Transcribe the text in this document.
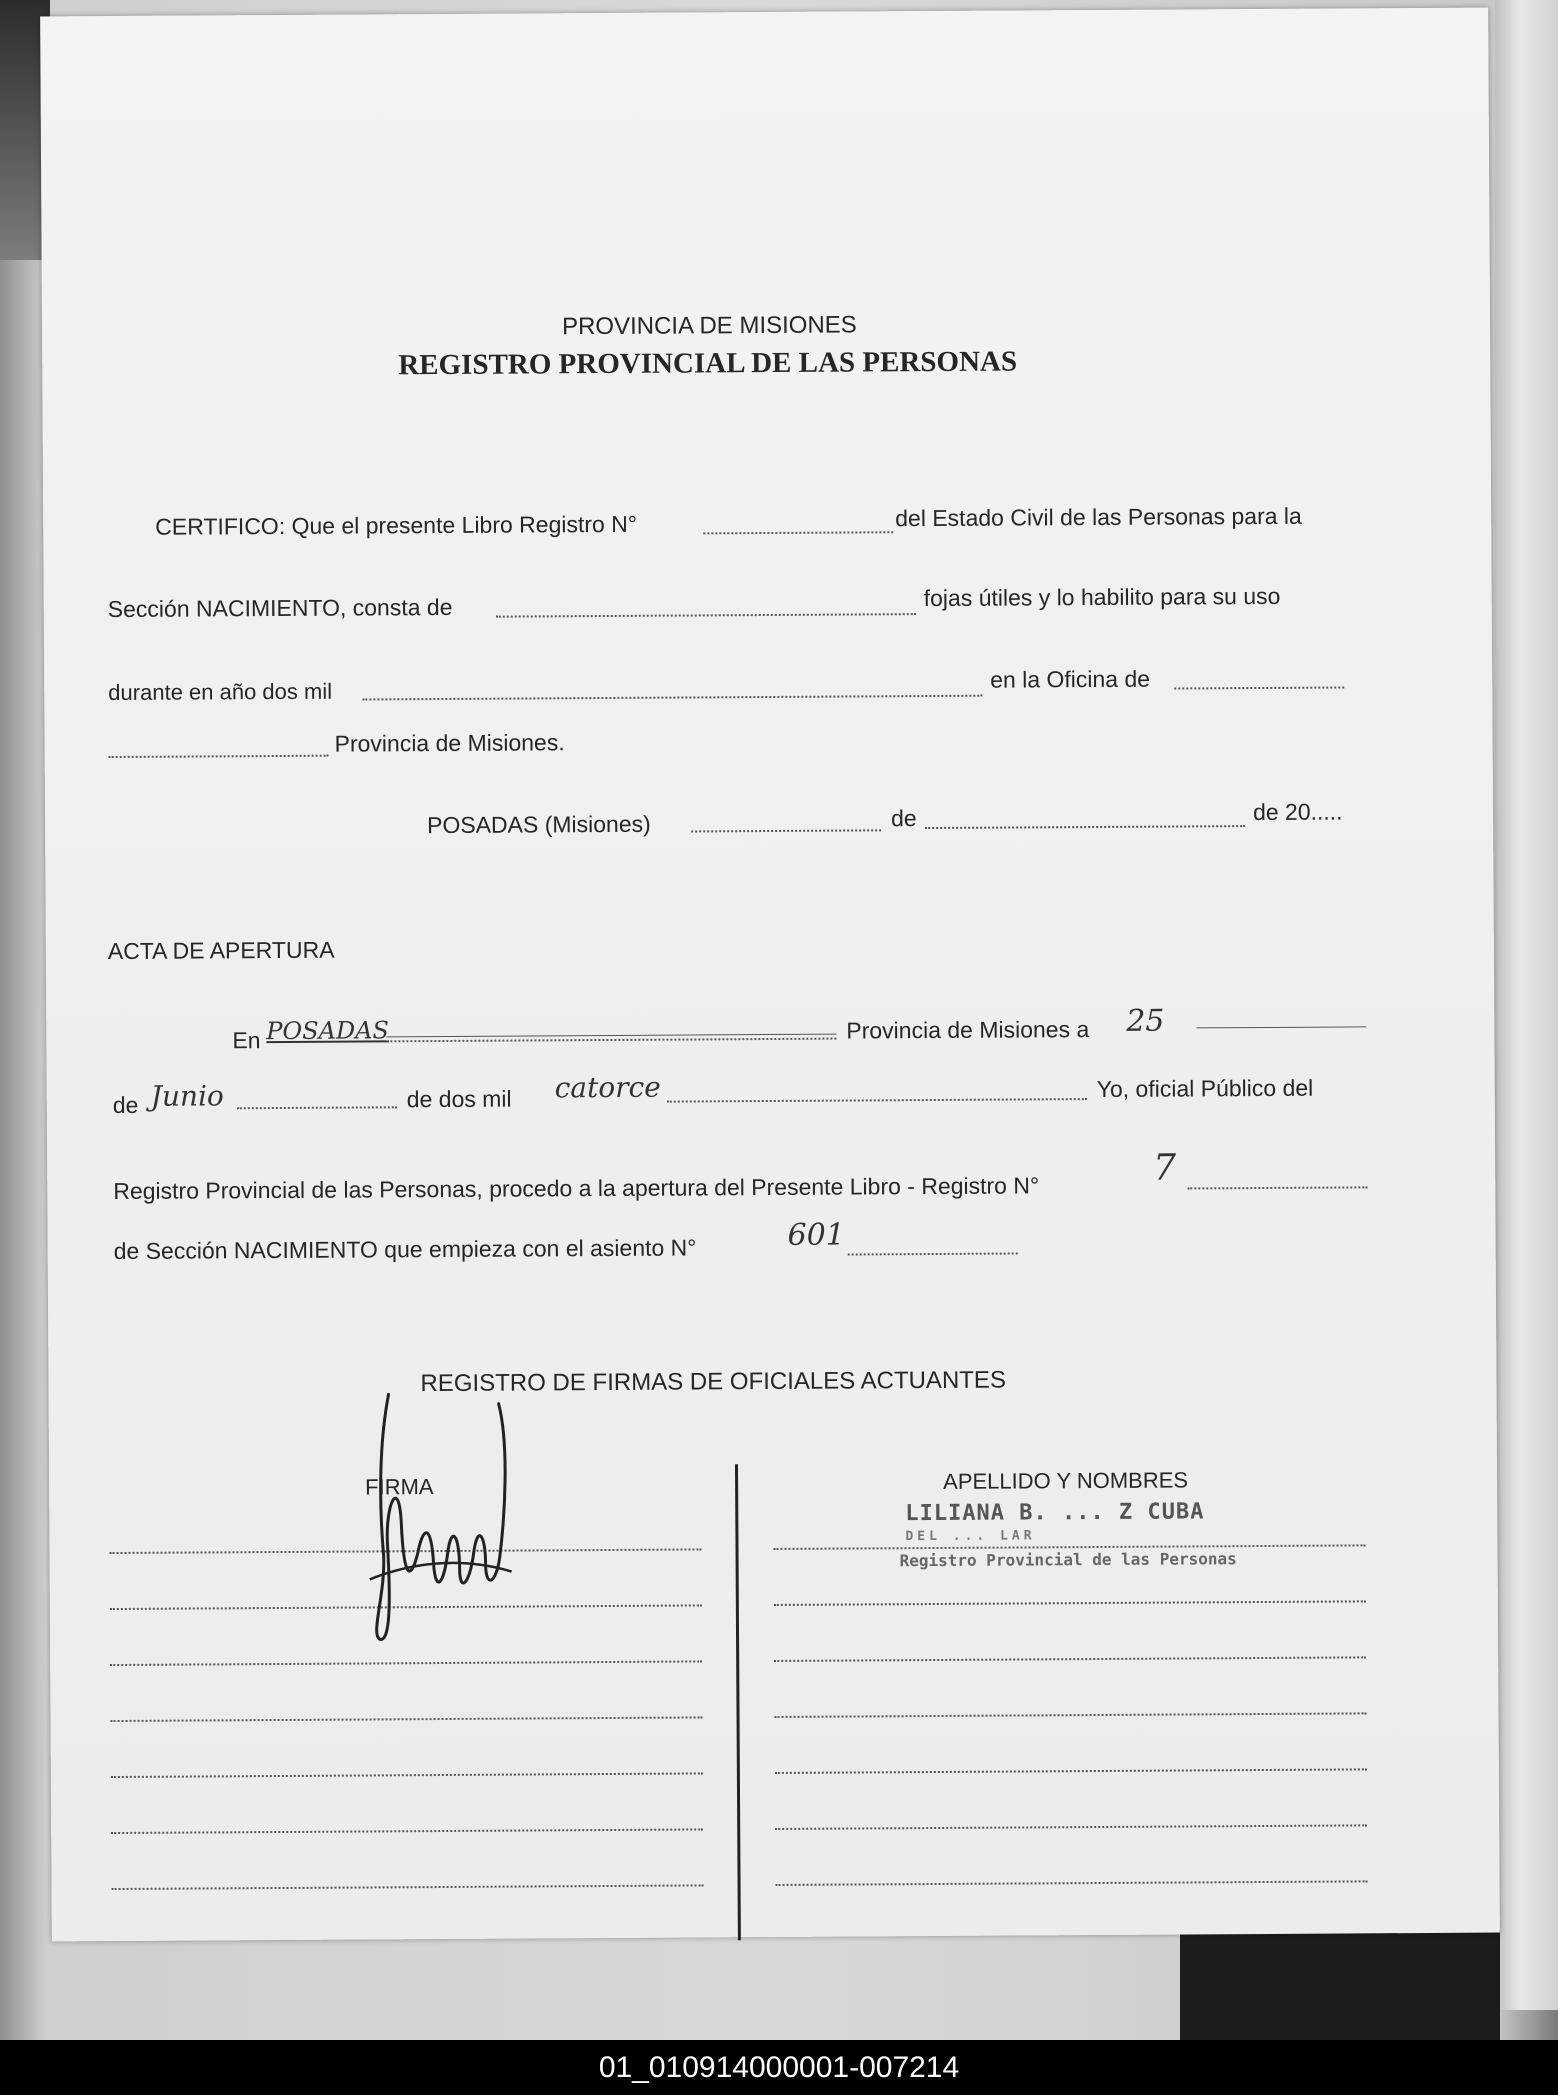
PROVINCIA DE MISIONES
REGISTRO PROVINCIAL DE LAS PERSONAS
CERTIFICO: Que el presente Libro Registro N°	del Estado Civil de las Personas para la
Sección NACIMIENTO, consta de	fojas útiles y lo habilito para su uso
durante en año dos mil	en la Oficina de
Provincia de Misiones.
POSADAS (Misiones)	de	de 20.....
ACTA DE APERTURA
En POSADAS	Provincia de Misiones a 25
de Junio	de dos mil catorce	Yo, oficial Público del
Registro Provincial de las Personas, procedo a la apertura del Presente Libro - Registro N°	7
de Sección NACIMIENTO que empieza con el asiento N°	601
REGISTRO DE FIRMAS DE OFICIALES ACTUANTES
FIRMA	APELLIDO Y NOMBRES
LILIANA B. ... Z CUBA
DEL ... LAR
Registro Provincial de las Personas
01_010914000001-007214
